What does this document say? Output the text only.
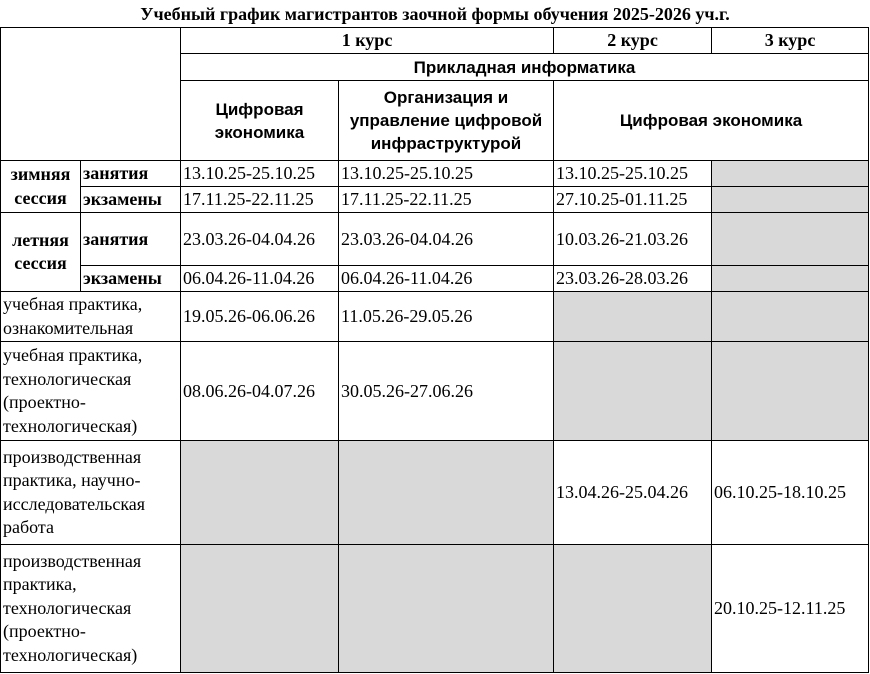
Учебный график магистрантов заочной формы обучения 2025-2026 уч.г.
		1 курс		2 курс	3 курс
		Прикладная информатика			
		Цифровая экономика	Организация и управление цифровой инфраструктурой	Цифровая экономика	
зимняя сессия	занятия	13.10.25-25.10.25	13.10.25-25.10.25	13.10.25-25.10.25	
	экзамены	17.11.25-22.11.25	17.11.25-22.11.25	27.10.25-01.11.25	
летняя сессия	занятия	23.03.26-04.04.26	23.03.26-04.04.26	10.03.26-21.03.26	
	экзамены	06.04.26-11.04.26	06.04.26-11.04.26	23.03.26-28.03.26	
учебная практика, ознакомительная		19.05.26-06.06.26	11.05.26-29.05.26		
учебная практика, технологическая (проектно-технологическая)		08.06.26-04.07.26	30.05.26-27.06.26		
производственная практика, научно-исследовательская работа				13.04.26-25.04.26	06.10.25-18.10.25
производственная практика, технологическая (проектно-технологическая)					20.10.25-12.11.25
